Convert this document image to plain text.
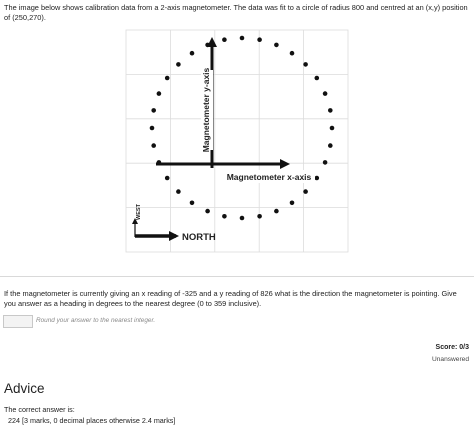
The image below shows calibration data from a 2-axis magnetometer. The data was fit to a circle of radius 800 and centred at an (x,y) position of (250,270).
Magnetometer y-axis
Magnetometer x-axis
WEST
NORTH
If the magnetometer is currently giving an x reading of -325 and a y reading of 826 what is the direction the magnetometer is pointing. Give you answer as a heading in degrees to the nearest degree (0 to 359 inclusive).
Round your answer to the nearest integer.
Score: 0/3
Unanswered
Advice
The correct answer is:
224 [3 marks, 0 decimal places otherwise 2.4 marks]
